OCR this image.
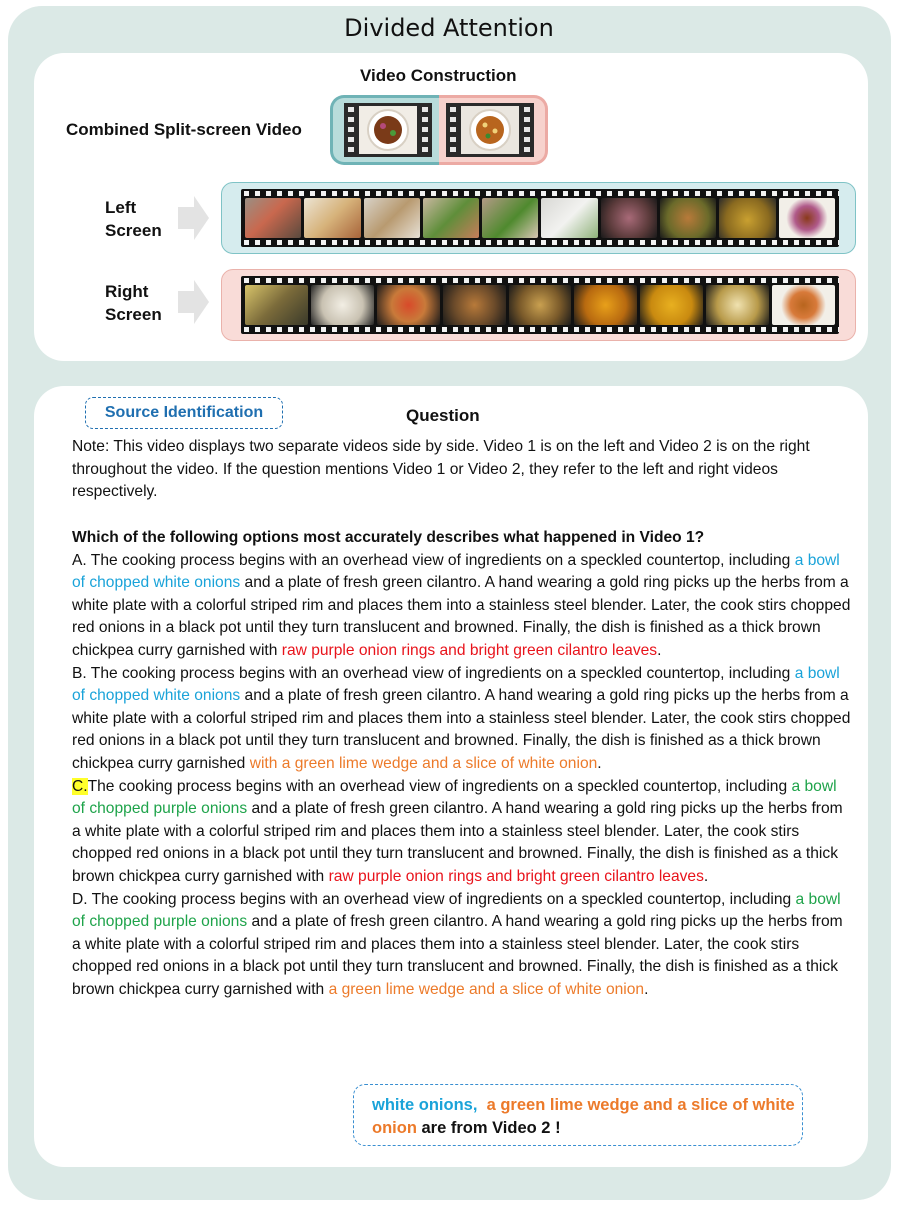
Divided Attention
Video Construction
Combined Split-screen Video
Left
Screen
Right
Screen
Source Identification	Question
Note: This video displays two separate videos side by side. Video 1 is on the left and Video 2 is on the right throughout the video. If the question mentions Video 1 or Video 2, they refer to the left and right videos respectively.

Which of the following options most accurately describes what happened in Video 1?

A. The cooking process begins with an overhead view of ingredients on a speckled countertop, including a bowl of chopped white onions and a plate of fresh green cilantro. A hand wearing a gold ring picks up the herbs from a white plate with a colorful striped rim and places them into a stainless steel blender. Later, the cook stirs chopped red onions in a black pot until they turn translucent and browned. Finally, the dish is finished as a thick brown chickpea curry garnished with raw purple onion rings and bright green cilantro leaves.

B. The cooking process begins with an overhead view of ingredients on a speckled countertop, including a bowl of chopped white onions and a plate of fresh green cilantro. A hand wearing a gold ring picks up the herbs from a white plate with a colorful striped rim and places them into a stainless steel blender. Later, the cook stirs chopped red onions in a black pot until they turn translucent and browned. Finally, the dish is finished as a thick brown chickpea curry garnished with a green lime wedge and a slice of white onion.

C.The cooking process begins with an overhead view of ingredients on a speckled countertop, including a bowl of chopped purple onions and a plate of fresh green cilantro. A hand wearing a gold ring picks up the herbs from a white plate with a colorful striped rim and places them into a stainless steel blender. Later, the cook stirs chopped red onions in a black pot until they turn translucent and browned. Finally, the dish is finished as a thick brown chickpea curry garnished with raw purple onion rings and bright green cilantro leaves.

D. The cooking process begins with an overhead view of ingredients on a speckled countertop, including a bowl of chopped purple onions and a plate of fresh green cilantro. A hand wearing a gold ring picks up the herbs from a white plate with a colorful striped rim and places them into a stainless steel blender. Later, the cook stirs chopped red onions in a black pot until they turn translucent and browned. Finally, the dish is finished as a thick brown chickpea curry garnished with a green lime wedge and a slice of white onion.

white onions, a green lime wedge and a slice of white onion are from Video 2 !
